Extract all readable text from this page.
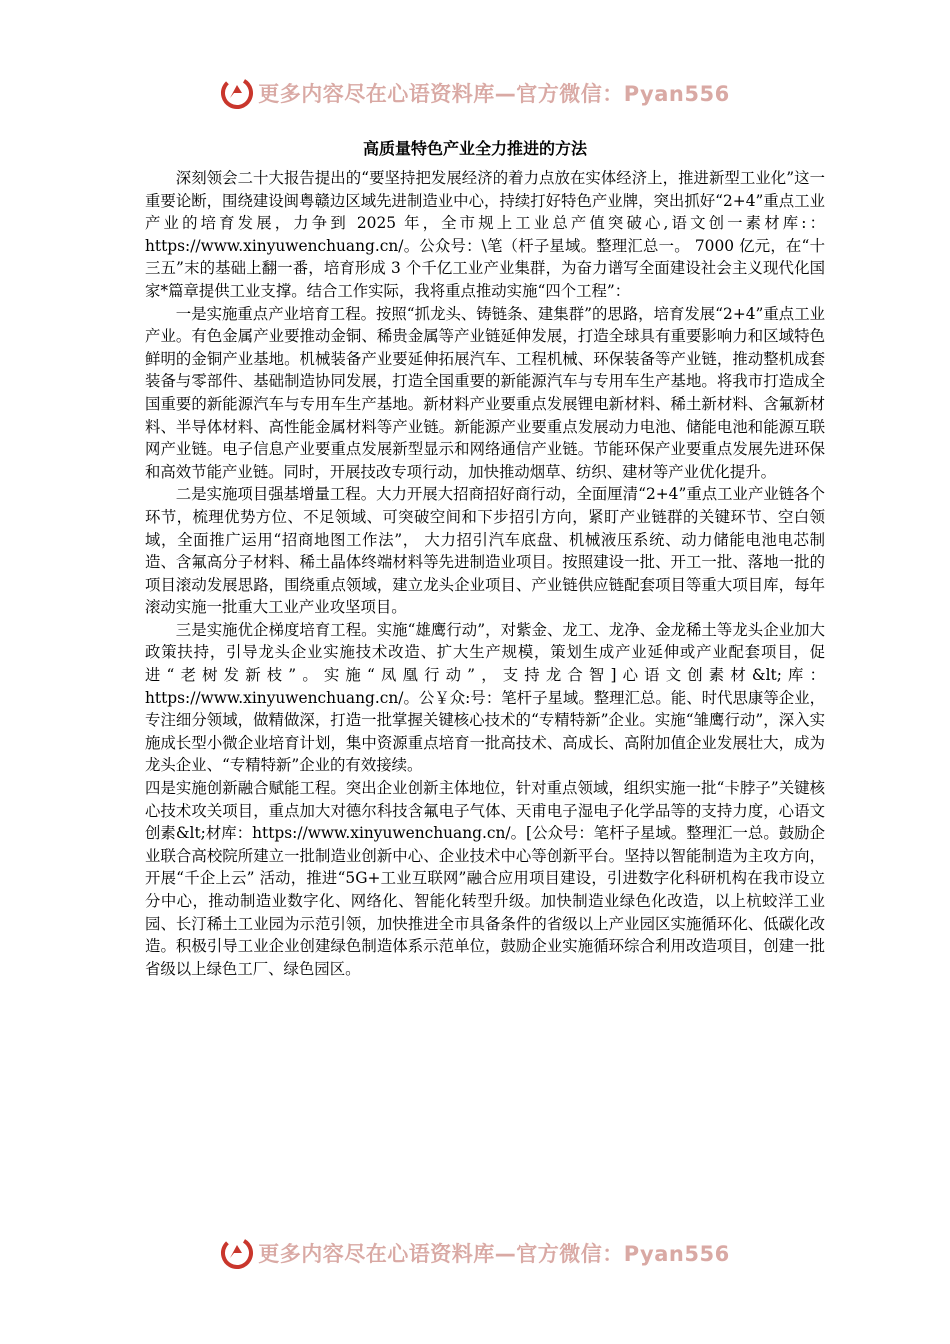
更多内容尽在心语资料库—官方微信：Pyan556
高质量特色产业全力推进的方法

深刻领会二十大报告提出的“要坚持把发展经济的着力点放在实体经济上，推进新型工业化”这一重要论断，围绕建设闽粤赣边区域先进制造业中心，持续打好特色产业牌，突出抓好“2+4”重点工业产业的培育发展，力争到 2025 年，全市规上工业总产值突破心,语文创一素材库:：https://www.xinyuwenchuang.cn/。公众号：\笔（杆子星域。整理汇总一。 7000 亿元，在“十三五”末的基础上翻一番，培育形成 3 个千亿工业产业集群，为奋力谱写全面建设社会主义现代化国家*篇章提供工业支撑。结合工作实际，我将重点推动实施“四个工程”：

一是实施重点产业培育工程。按照“抓龙头、铸链条、建集群”的思路，培育发展“2+4”重点工业产业。有色金属产业要推动金铜、稀贵金属等产业链延伸发展，打造全球具有重要影响力和区域特色鲜明的金铜产业基地。机械装备产业要延伸拓展汽车、工程机械、环保装备等产业链，推动整机成套装备与零部件、基础制造协同发展，打造全国重要的新能源汽车与专用车生产基地。将我市打造成全国重要的新能源汽车与专用车生产基地。新材料产业要重点发展锂电新材料、稀土新材料、含氟新材料、半导体材料、高性能金属材料等产业链。新能源产业要重点发展动力电池、储能电池和能源互联网产业链。电子信息产业要重点发展新型显示和网络通信产业链。节能环保产业要重点发展先进环保和高效节能产业链。同时，开展技改专项行动，加快推动烟草、纺织、建材等产业优化提升。

二是实施项目强基增量工程。大力开展大招商招好商行动，全面厘清“2+4”重点工业产业链各个环节，梳理优势方位、不足领域、可突破空间和下步招引方向，紧盯产业链群的关键环节、空白领域，全面推广运用“招商地图工作法”， 大力招引汽车底盘、机械液压系统、动力储能电池电芯制造、含氟高分子材料、稀土晶体终端材料等先进制造业项目。按照建设一批、开工一批、落地一批的项目滚动发展思路，围绕重点领域，建立龙头企业项目、产业链供应链配套项目等重大项目库，每年滚动实施一批重大工业产业攻坚项目。

三是实施优企梯度培育工程。实施“雄鹰行动”，对紫金、龙工、龙净、金龙稀土等龙头企业加大政策扶持，引导龙头企业实施技术改造、扩大生产规模，策划生成产业延伸或产业配套项目，促进“老树发新枝”。实施“凤凰行动”，支持龙合智]心语文创素材&lt;库：https://www.xinyuwenchuang.cn/。公￥众:号：笔杆子星域。整理汇总。能、时代思康等企业，专注细分领域，做精做深，打造一批掌握关键核心技术的“专精特新”企业。实施“雏鹰行动”，深入实施成长型小微企业培育计划，集中资源重点培育一批高技术、高成长、高附加值企业发展壮大，成为龙头企业、“专精特新”企业的有效接续。

四是实施创新融合赋能工程。突出企业创新主体地位，针对重点领域，组织实施一批“卡脖子”关键核心技术攻关项目，重点加大对德尔科技含氟电子气体、天甫电子湿电子化学品等的支持力度，心语文创素&lt;材库：https://www.xinyuwenchuang.cn/。[公众号：笔杆子星域。整理汇一总。鼓励企业联合高校院所建立一批制造业创新中心、企业技术中心等创新平台。坚持以智能制造为主攻方向，开展“千企上云” 活动，推进“5G+工业互联网”融合应用项目建设，引进数字化科研机构在我市设立分中心，推动制造业数字化、网络化、智能化转型升级。加快制造业绿色化改造，以上杭蛟洋工业园、长汀稀土工业园为示范引领，加快推进全市具备条件的省级以上产业园区实施循环化、低碳化改造。积极引导工业企业创建绿色制造体系示范单位，鼓励企业实施循环综合利用改造项目，创建一批省级以上绿色工厂、绿色园区。

更多内容尽在心语资料库—官方微信：Pyan556
